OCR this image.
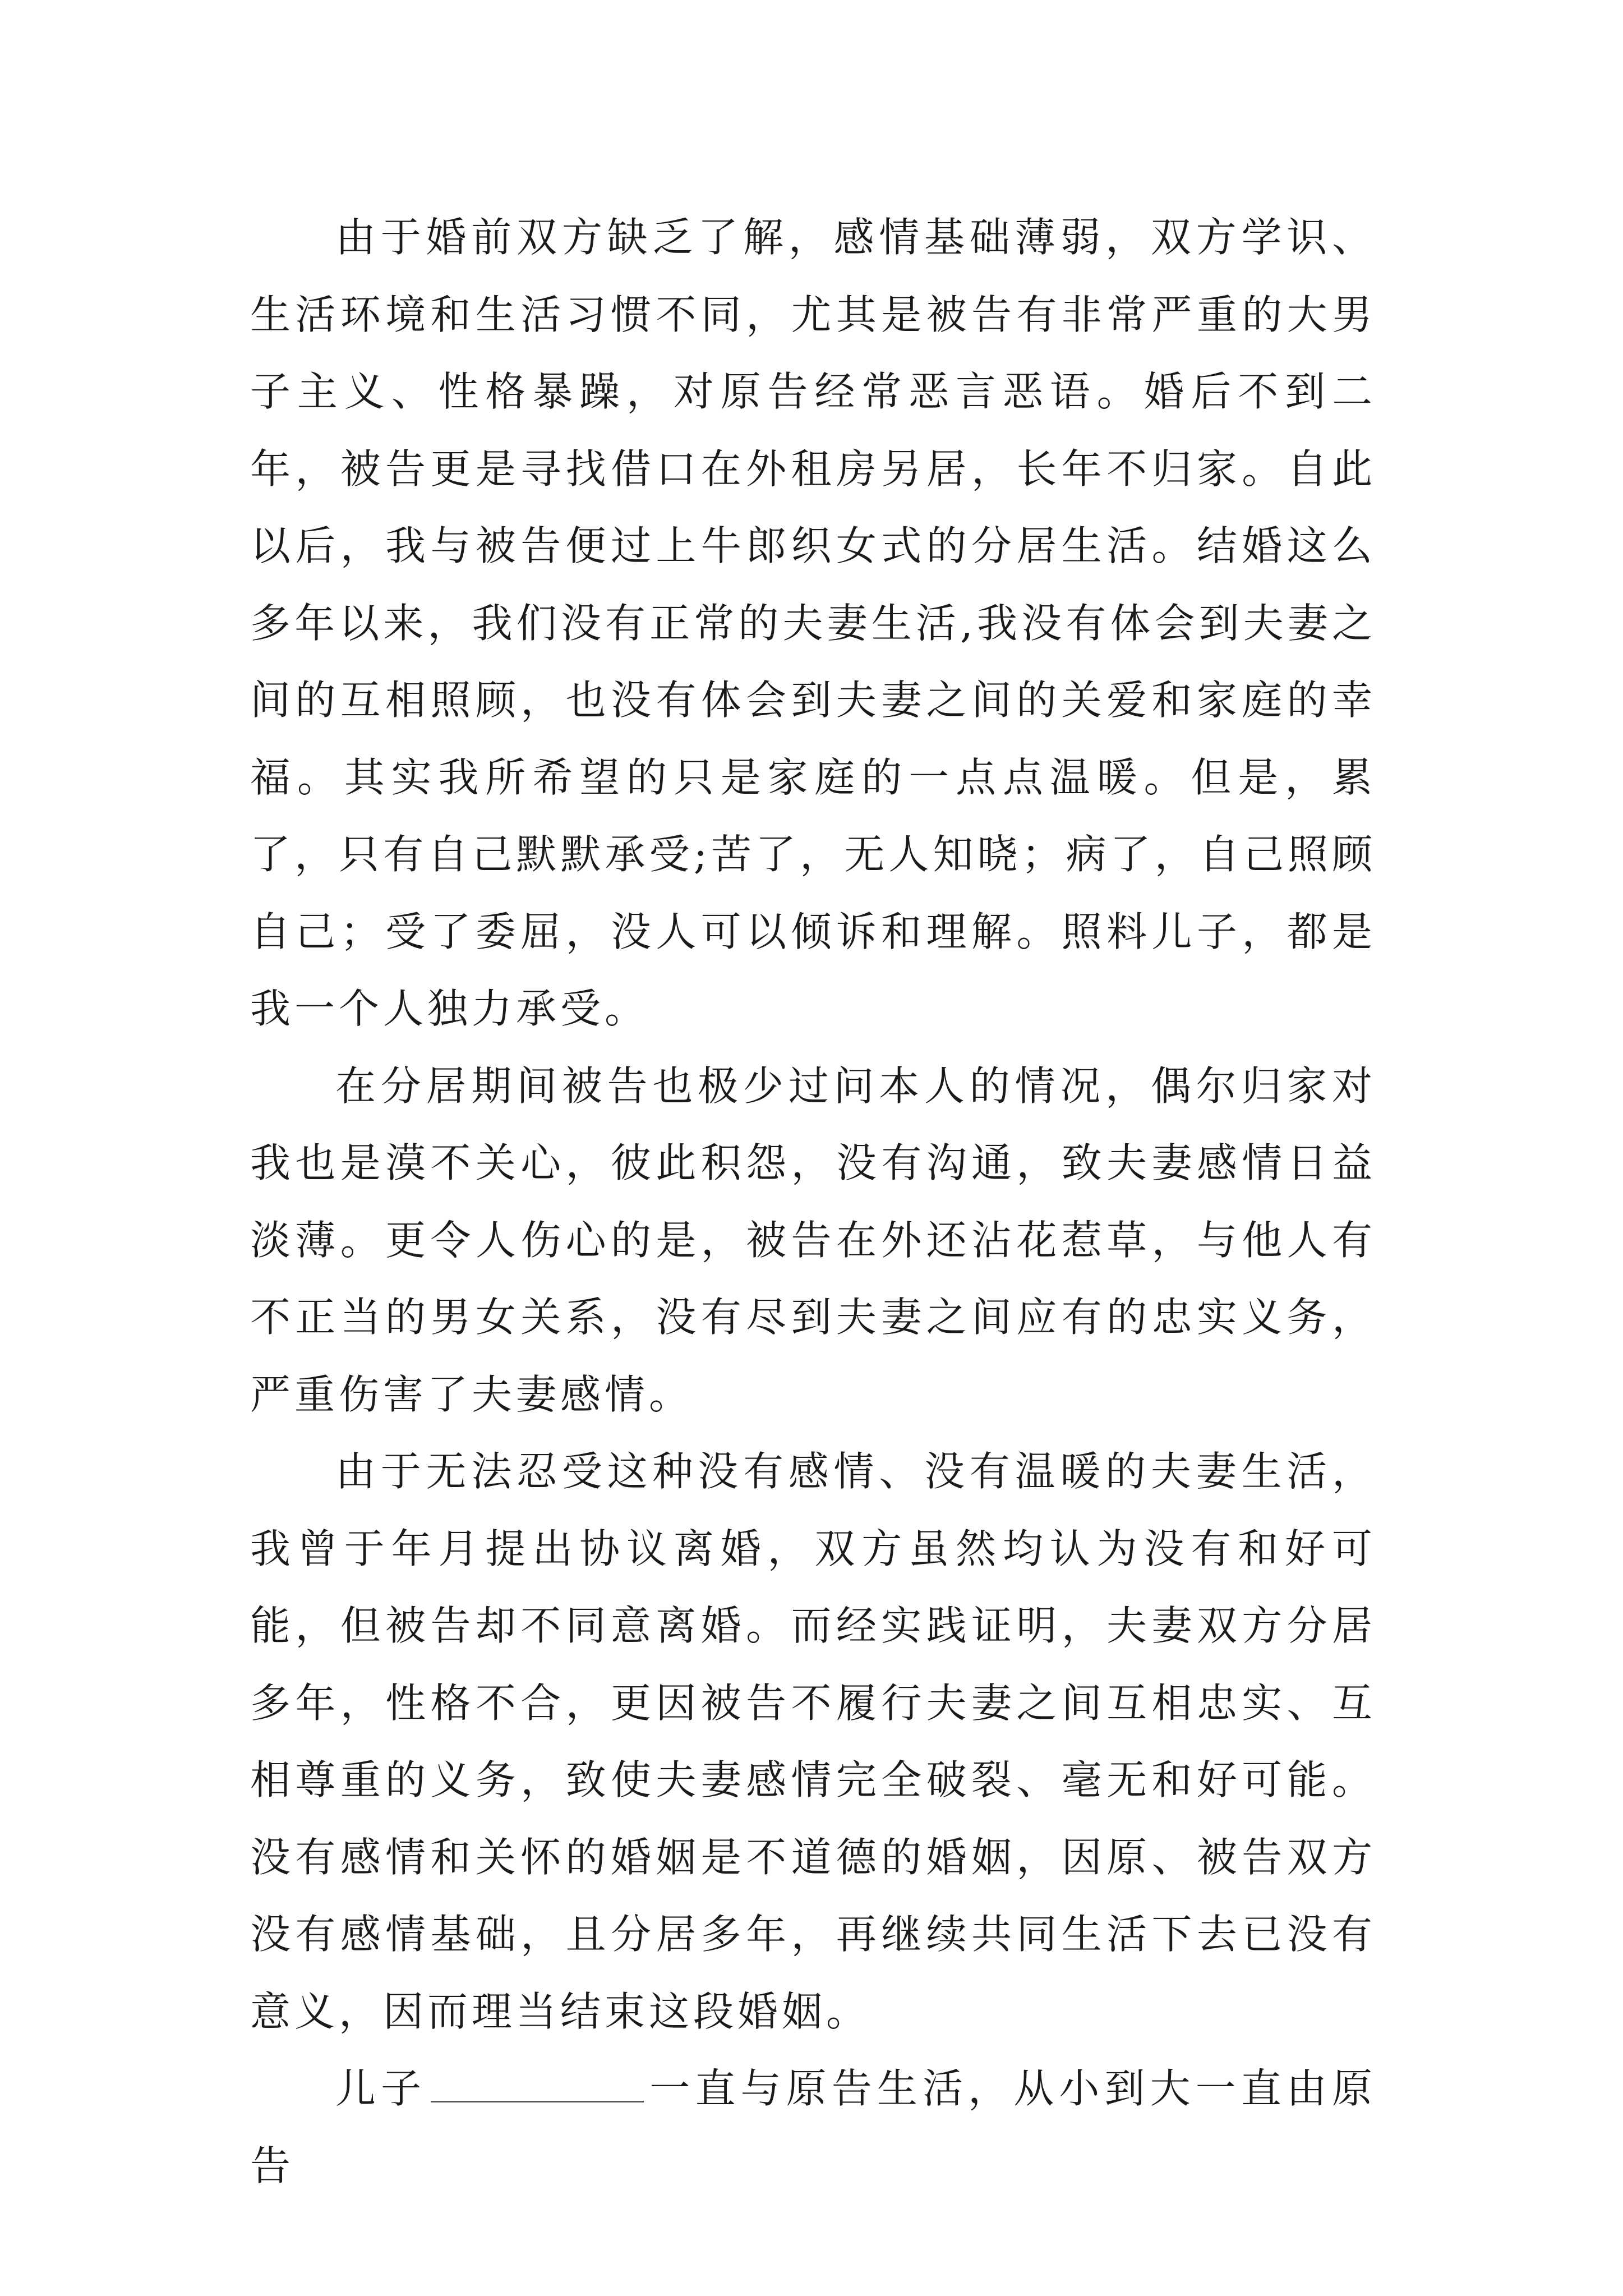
由于婚前双方缺乏了解，感情基础薄弱，双方学识、生活环境和生活习惯不同，尤其是被告有非常严重的大男子主义、性格暴躁，对原告经常恶言恶语。婚后不到二年，被告更是寻找借口在外租房另居，长年不归家。自此以后，我与被告便过上牛郎织女式的分居生活。结婚这么多年以来，我们没有正常的夫妻生活,我没有体会到夫妻之间的互相照顾，也没有体会到夫妻之间的关爱和家庭的幸福。其实我所希望的只是家庭的一点点温暖。但是，累了，只有自己默默承受;苦了，无人知晓；病了，自己照顾自己；受了委屈，没人可以倾诉和理解。照料儿子，都是我一个人独力承受。

在分居期间被告也极少过问本人的情况，偶尔归家对我也是漠不关心，彼此积怨，没有沟通，致夫妻感情日益淡薄。更令人伤心的是，被告在外还沾花惹草，与他人有不正当的男女关系，没有尽到夫妻之间应有的忠实义务，严重伤害了夫妻感情。

由于无法忍受这种没有感情、没有温暖的夫妻生活，我曾于年月提出协议离婚，双方虽然均认为没有和好可能，但被告却不同意离婚。而经实践证明，夫妻双方分居多年，性格不合，更因被告不履行夫妻之间互相忠实、互相尊重的义务，致使夫妻感情完全破裂、毫无和好可能。没有感情和关怀的婚姻是不道德的婚姻，因原、被告双方没有感情基础，且分居多年，再继续共同生活下去已没有意义，因而理当结束这段婚姻。

儿子	一直与原告生活，从小到大一直由原告
